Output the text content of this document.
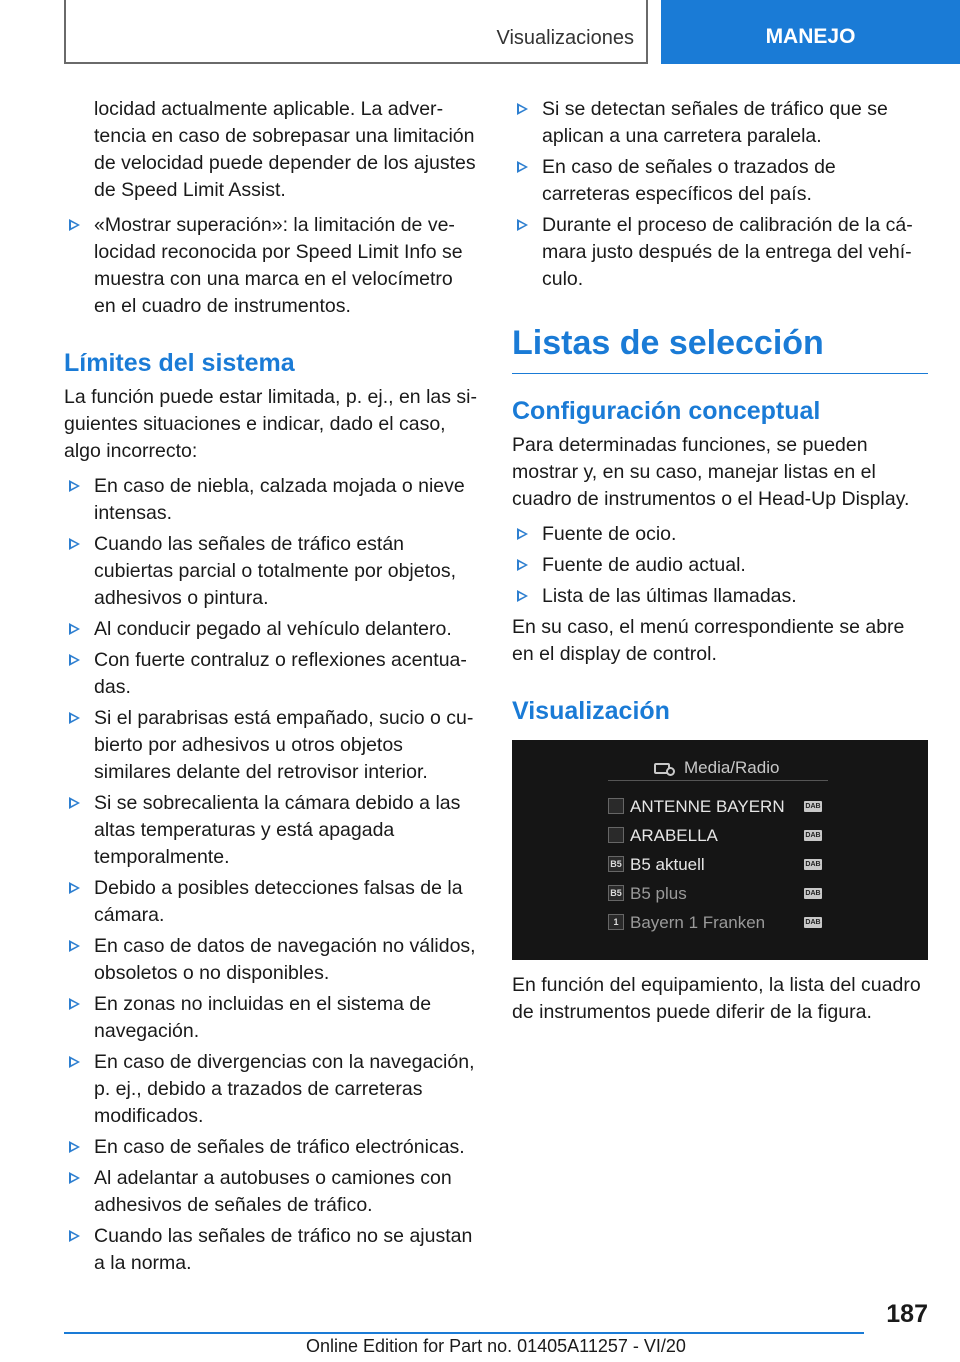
Visualizaciones	MANEJO
locidad actualmente aplicable. La advertencia en caso de sobrepasar una limitación de velocidad puede depender de los ajustes de Speed Limit Assist.
«Mostrar superación»: la limitación de velocidad reconocida por Speed Limit Info se muestra con una marca en el velocímetro en el cuadro de instrumentos.
Límites del sistema

La función puede estar limitada, p. ej., en las siguientes situaciones e indicar, dado el caso, algo incorrecto:

En caso de niebla, calzada mojada o nieve intensas.
Cuando las señales de tráfico están cubiertas parcial o totalmente por objetos, adhesivos o pintura.
Al conducir pegado al vehículo delantero.
Con fuerte contraluz o reflexiones acentuadas.
Si el parabrisas está empañado, sucio o cubierto por adhesivos u otros objetos similares delante del retrovisor interior.
Si se sobrecalienta la cámara debido a las altas temperaturas y está apagada temporalmente.
Debido a posibles detecciones falsas de la cámara.
En caso de datos de navegación no válidos, obsoletos o no disponibles.
En zonas no incluidas en el sistema de navegación.
En caso de divergencias con la navegación, p. ej., debido a trazados de carreteras modificados.
En caso de señales de tráfico electrónicas.
Al adelantar a autobuses o camiones con adhesivos de señales de tráfico.
Cuando las señales de tráfico no se ajustan a la norma.
Si se detectan señales de tráfico que se aplican a una carretera paralela.
En caso de señales o trazados de carreteras específicos del país.
Durante el proceso de calibración de la cámara justo después de la entrega del vehículo.
Listas de selección
Configuración conceptual

Para determinadas funciones, se pueden mostrar y, en su caso, manejar listas en el cuadro de instrumentos o el Head-Up Display.

Fuente de ocio.
Fuente de audio actual.
Lista de las últimas llamadas.

En su caso, el menú correspondiente se abre en el display de control.

Visualización
Media/Radio
ANTENNE BAYERN	DAB
ARABELLA	DAB
B5 B5 aktuell	DAB
B5 B5 plus	DAB
1 Bayern 1 Franken	DAB

En función del equipamiento, la lista del cuadro de instrumentos puede diferir de la figura.

187
Online Edition for Part no. 01405A11257 - VI/20
